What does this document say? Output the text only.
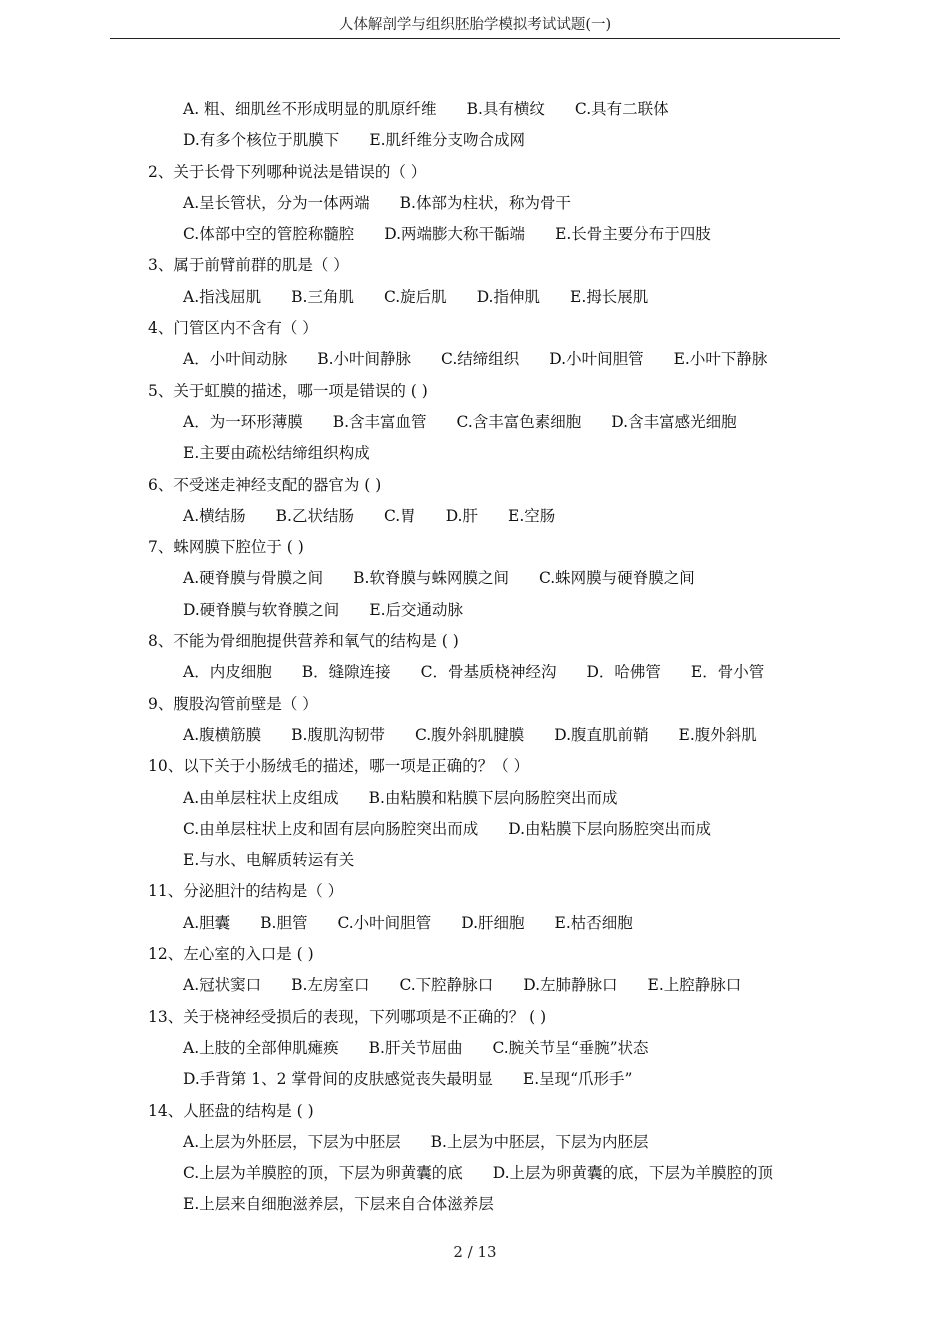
人体解剖学与组织胚胎学模拟考试试题(一)
A. 粗、细肌丝不形成明显的肌原纤维 B.具有横纹 C.具有二联体
D.有多个核位于肌膜下 E.肌纤维分支吻合成网
2、关于长骨下列哪种说法是错误的（ ）
A.呈长管状，分为一体两端 B.体部为柱状，称为骨干
C.体部中空的管腔称髓腔 D.两端膨大称干骺端 E.长骨主要分布于四肢
3、属于前臂前群的肌是（ ）
A.指浅屈肌 B.三角肌 C.旋后肌 D.指伸肌 E.拇长展肌
4、门管区内不含有（ ）
A．小叶间动脉 B.小叶间静脉 C.结缔组织 D.小叶间胆管 E.小叶下静脉
5、关于虹膜的描述，哪一项是错误的 ( )
A．为一环形薄膜 B.含丰富血管 C.含丰富色素细胞 D.含丰富感光细胞
E.主要由疏松结缔组织构成
6、不受迷走神经支配的器官为 ( )
A.横结肠 B.乙状结肠 C.胃 D.肝 E.空肠
7、蛛网膜下腔位于 ( )
A.硬脊膜与骨膜之间 B.软脊膜与蛛网膜之间 C.蛛网膜与硬脊膜之间
D.硬脊膜与软脊膜之间 E.后交通动脉
8、不能为骨细胞提供营养和氧气的结构是 ( )
A．内皮细胞 B．缝隙连接 C．骨基质桡神经沟 D．哈佛管 E．骨小管
9、腹股沟管前壁是（ ）
A.腹横筋膜 B.腹肌沟韧带 C.腹外斜肌腱膜 D.腹直肌前鞘 E.腹外斜肌
10、以下关于小肠绒毛的描述，哪一项是正确的？（ ）
A.由单层柱状上皮组成 B.由粘膜和粘膜下层向肠腔突出而成
C.由单层柱状上皮和固有层向肠腔突出而成 D.由粘膜下层向肠腔突出而成
E.与水、电解质转运有关
11、分泌胆汁的结构是（ ）
A.胆囊 B.胆管 C.小叶间胆管 D.肝细胞 E.枯否细胞
12、左心室的入口是 ( )
A.冠状窦口 B.左房室口 C.下腔静脉口 D.左肺静脉口 E.上腔静脉口
13、关于桡神经受损后的表现，下列哪项是不正确的？ ( )
A.上肢的全部伸肌瘫痪 B.肝关节屈曲 C.腕关节呈“垂腕”状态
D.手背第 1、2 掌骨间的皮肤感觉丧失最明显 E.呈现“爪形手”
14、人胚盘的结构是 ( )
A.上层为外胚层，下层为中胚层 B.上层为中胚层，下层为内胚层
C.上层为羊膜腔的顶，下层为卵黄囊的底 D.上层为卵黄囊的底，下层为羊膜腔的顶
E.上层来自细胞滋养层，下层来自合体滋养层
2 / 13
